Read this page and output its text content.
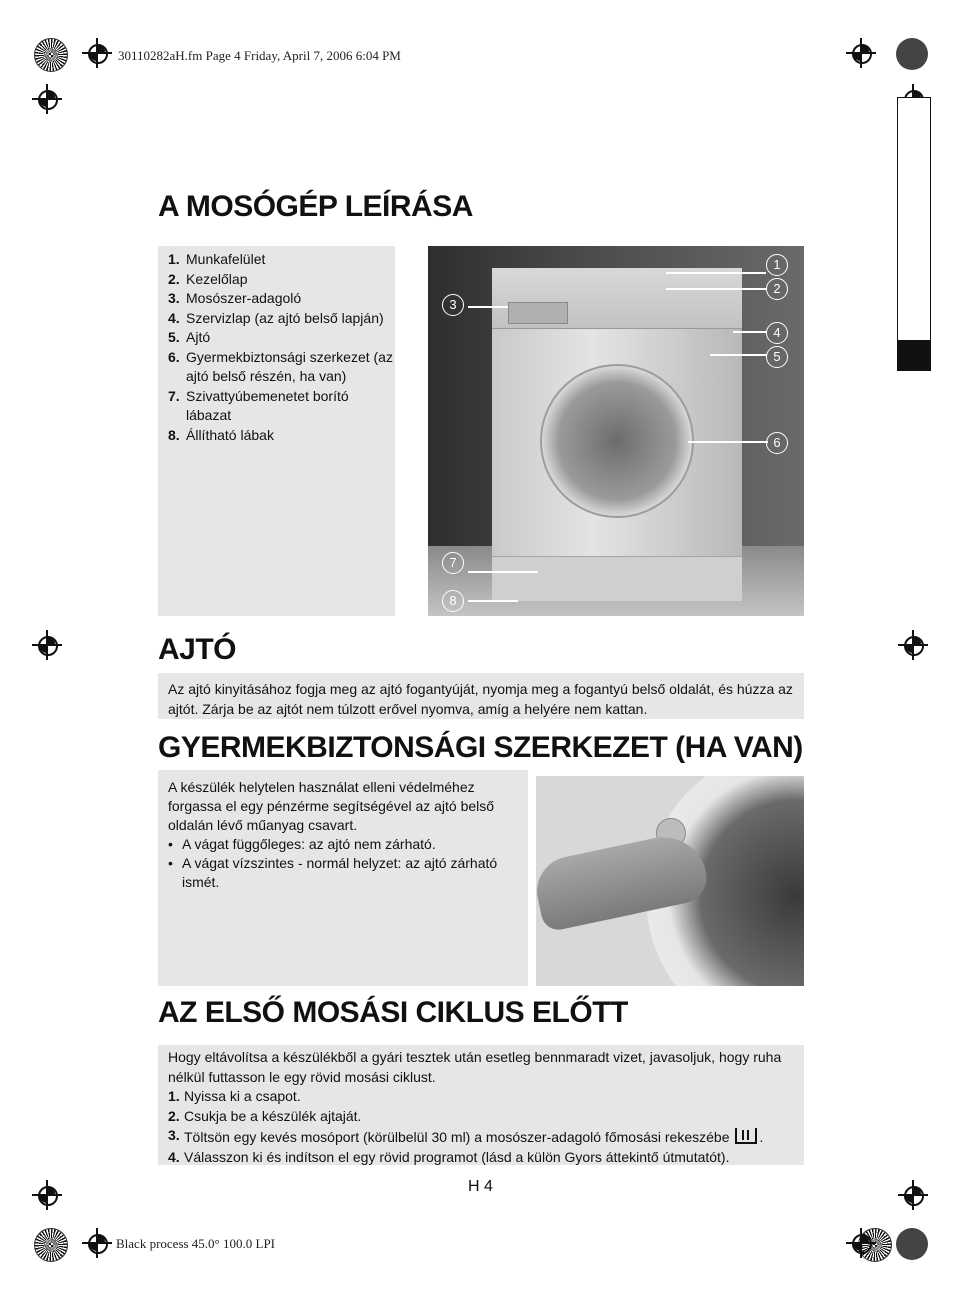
30110282aH.fm Page 4 Friday, April 7, 2006 6:04 PM
Black process 45.0° 100.0 LPI
A MOSÓGÉP LEÍRÁSA
1. Munkafelület
2. Kezelőlap
3. Mosószer-adagoló
4. Szervizlap (az ajtó belső lapján)
5. Ajtó
6. Gyermekbiztonsági szerkezet (az ajtó belső részén, ha van)
7. Szivattyúbemenetet borító lábazat
8. Állítható lábak
1
2
3
4
5
6
7
8
AJTÓ

Az ajtó kinyitásához fogja meg az ajtó fogantyúját, nyomja meg a fogantyú belső oldalát, és húzza az ajtót. Zárja be az ajtót nem túlzott erővel nyomva, amíg a helyére nem kattan.

GYERMEKBIZTONSÁGI SZERKEZET (HA VAN)

A készülék helytelen használat elleni védelméhez forgassa el egy pénzérme segítségével az ajtó belső oldalán lévő műanyag csavart.

• A vágat függőleges: az ajtó nem zárható.
• A vágat vízszintes - normál helyzet: az ajtó zárható ismét.
AZ ELSŐ MOSÁSI CIKLUS ELŐTT

Hogy eltávolítsa a készülékből a gyári tesztek után esetleg bennmaradt vizet, javasoljuk, hogy ruha nélkül futtasson le egy rövid mosási ciklust.

1. Nyissa ki a csapot.
2. Csukja be a készülék ajtaját.
3. Töltsön egy kevés mosóport (körülbelül 30 ml) a mosószer-adagoló főmosási rekeszébe .
4. Válasszon ki és indítson el egy rövid programot (lásd a külön Gyors áttekintő útmutatót).
H 4
